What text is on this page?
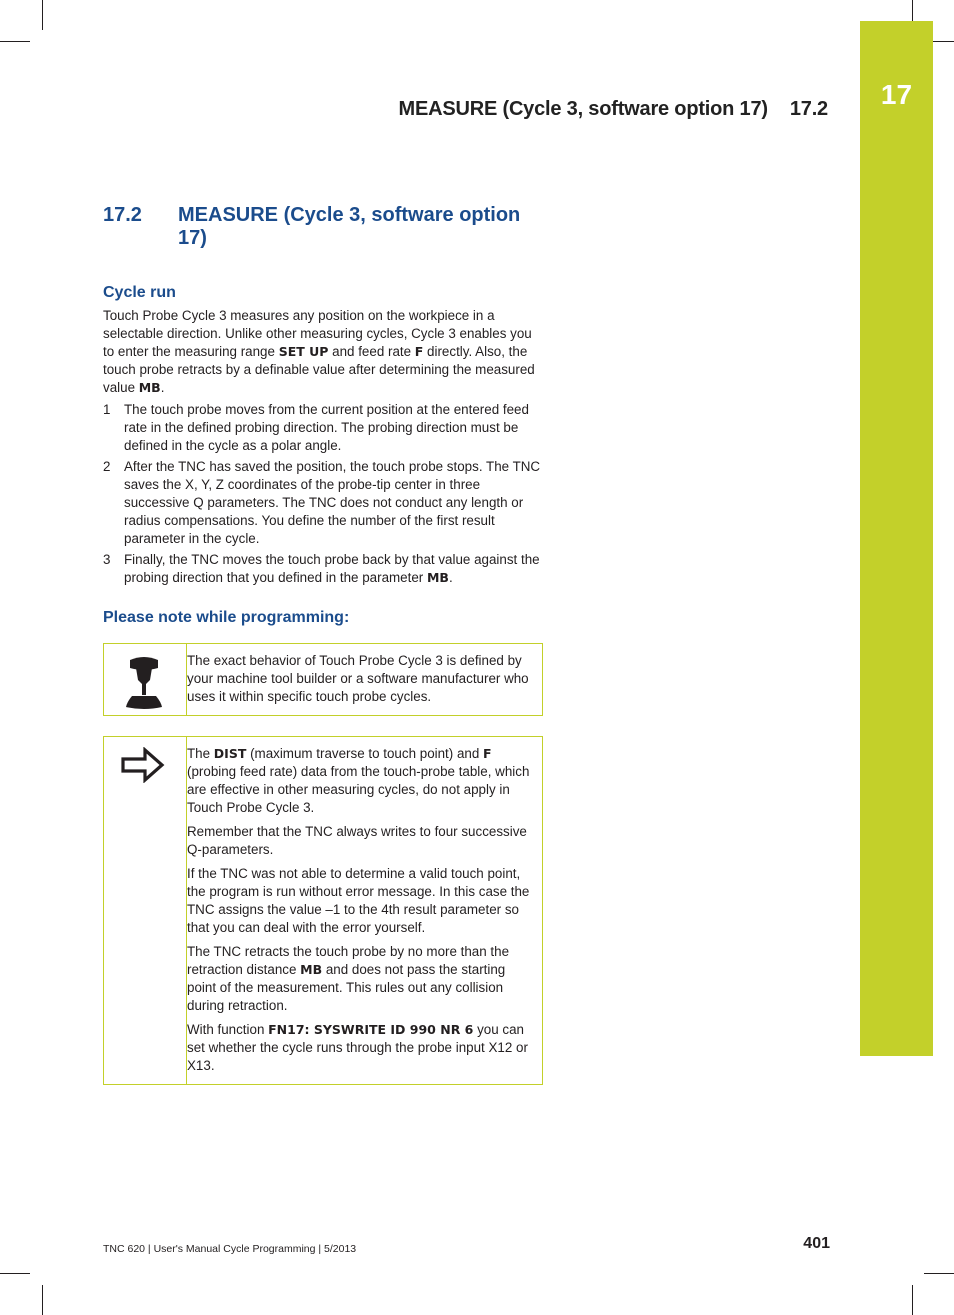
17
MEASURE (Cycle 3, software option 17) 17.2
17.2	MEASURE (Cycle 3, software option 17)
Cycle run

Touch Probe Cycle 3 measures any position on the workpiece in a selectable direction. Unlike other measuring cycles, Cycle 3 enables you to enter the measuring range SET UP and feed rate F directly. Also, the touch probe retracts by a definable value after determining the measured value MB.

1	The touch probe moves from the current position at the entered feed rate in the defined probing direction. The probing direction must be defined in the cycle as a polar angle.
2	After the TNC has saved the position, the touch probe stops. The TNC saves the X, Y, Z coordinates of the probe-tip center in three successive Q parameters. The TNC does not conduct any length or radius compensations. You define the number of the first result parameter in the cycle.
3	Finally, the TNC moves the touch probe back by that value against the probing direction that you defined in the parameter MB.
Please note while programming:

The exact behavior of Touch Probe Cycle 3 is defined by your machine tool builder or a software manufacturer who uses it within specific touch probe cycles.

The DIST (maximum traverse to touch point) and F (probing feed rate) data from the touch-probe table, which are effective in other measuring cycles, do not apply in Touch Probe Cycle 3.

Remember that the TNC always writes to four successive Q-parameters.

If the TNC was not able to determine a valid touch point, the program is run without error message. In this case the TNC assigns the value –1 to the 4th result parameter so that you can deal with the error yourself.

The TNC retracts the touch probe by no more than the retraction distance MB and does not pass the starting point of the measurement. This rules out any collision during retraction.

With function FN17: SYSWRITE ID 990 NR 6 you can set whether the cycle runs through the probe input X12 or X13.

TNC 620 | User's Manual Cycle Programming | 5/2013	401
